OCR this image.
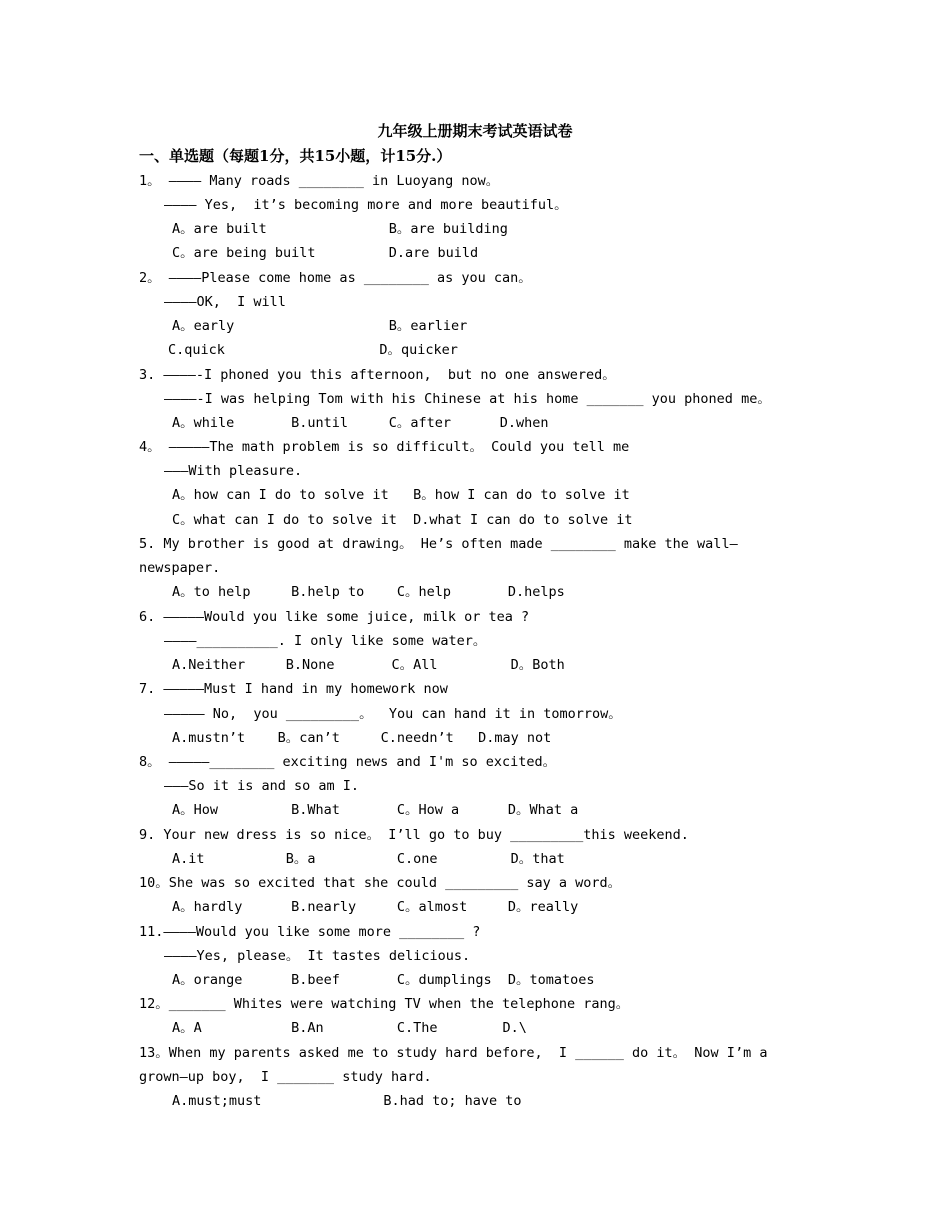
九年级上册期末考试英语试卷
一、单选题（每题1分，共15小题，计15分.）
1。 ———— Many roads ________ in Luoyang now。
———— Yes,  it’s becoming more and more beautiful。
A。are built               B。are building
C。are being built         D.are build
2。 ————Please come home as ________ as you can。
————OK,  I will
A。early                   B。earlier
C.quick                   D。quicker
3. ————-I phoned you this afternoon,  but no one answered。
————-I was helping Tom with his Chinese at his home _______ you phoned me。
A。while       B.until     C。after      D.when
4。 —————The math problem is so difficult。 Could you tell me
———With pleasure.
A。how can I do to solve it   B。how I can do to solve it
C。what can I do to solve it  D.what I can do to solve it
5. My brother is good at drawing。 He’s often made ________ make the wall—
newspaper.
A。to help     B.help to    C。help       D.helps
6. —————Would you like some juice, milk or tea ?
————__________. I only like some water。
A.Neither     B.None       C。All         D。Both
7. —————Must I hand in my homework now
————— No,  you _________。  You can hand it in tomorrow。
A.mustn’t    B。can’t     C.needn’t   D.may not
8。 —————________ exciting news and I'm so excited。
———So it is and so am I.
A。How         B.What       C。How a      D。What a
9. Your new dress is so nice。 I’ll go to buy _________this weekend.
A.it          B。a          C.one         D。that
10。She was so excited that she could _________ say a word。
A。hardly      B.nearly     C。almost     D。really
11.————Would you like some more ________ ?
————Yes, please。 It tastes delicious.
A。orange      B.beef       C。dumplings  D。tomatoes
12。_______ Whites were watching TV when the telephone rang。
A。A           B.An         C.The        D.\
13。When my parents asked me to study hard before,  I ______ do it。 Now I’m a
grown—up boy,  I _______ study hard.
A.must;must               B.had to; have to
